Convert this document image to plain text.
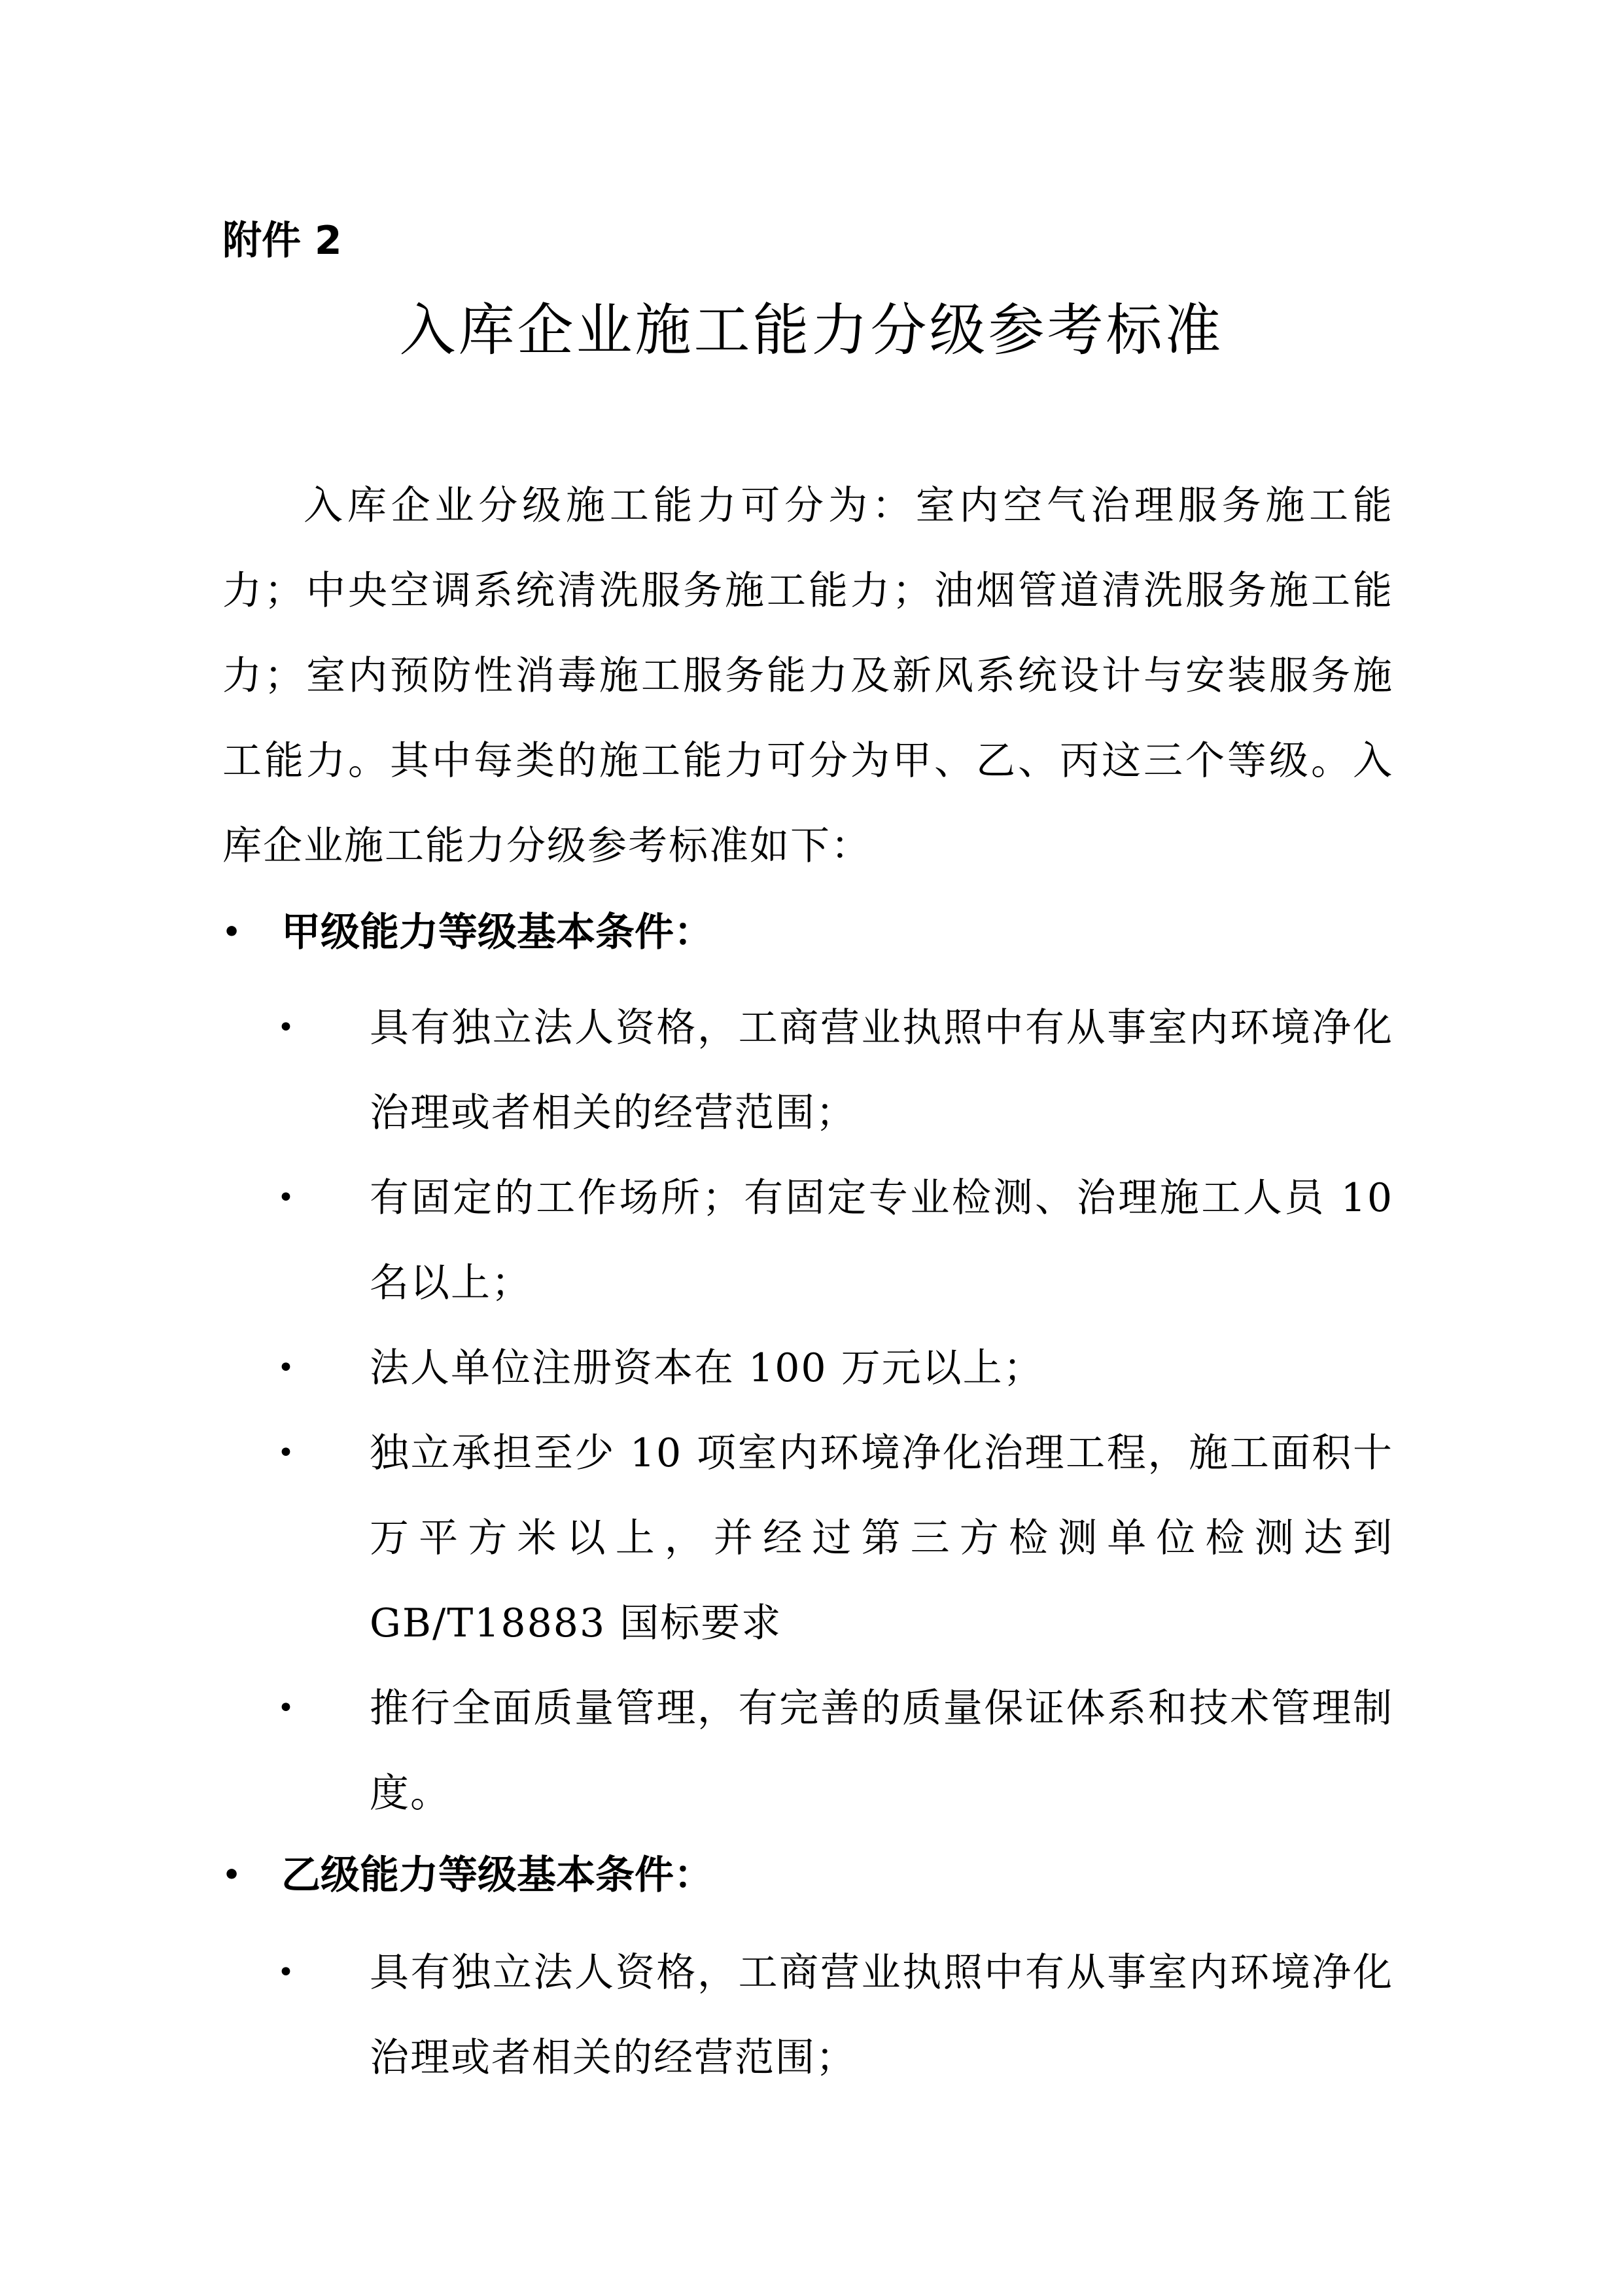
附件 2
入库企业施工能力分级参考标准

入库企业分级施工能力可分为：室内空气治理服务施工能力；中央空调系统清洗服务施工能力；油烟管道清洗服务施工能力；室内预防性消毒施工服务能力及新风系统设计与安装服务施工能力。其中每类的施工能力可分为甲、乙、丙这三个等级。入库企业施工能力分级参考标准如下：

• 甲级能力等级基本条件：
• 具有独立法人资格，工商营业执照中有从事室内环境净化治理或者相关的经营范围；
• 有固定的工作场所；有固定专业检测、治理施工人员 10 名以上；
• 法人单位注册资本在 100 万元以上；
• 独立承担至少 10 项室内环境净化治理工程，施工面积十万平方米以上，并经过第三方检测单位检测达到 GB/T18883 国标要求
• 推行全面质量管理，有完善的质量保证体系和技术管理制度。
• 乙级能力等级基本条件：
• 具有独立法人资格，工商营业执照中有从事室内环境净化治理或者相关的经营范围；
